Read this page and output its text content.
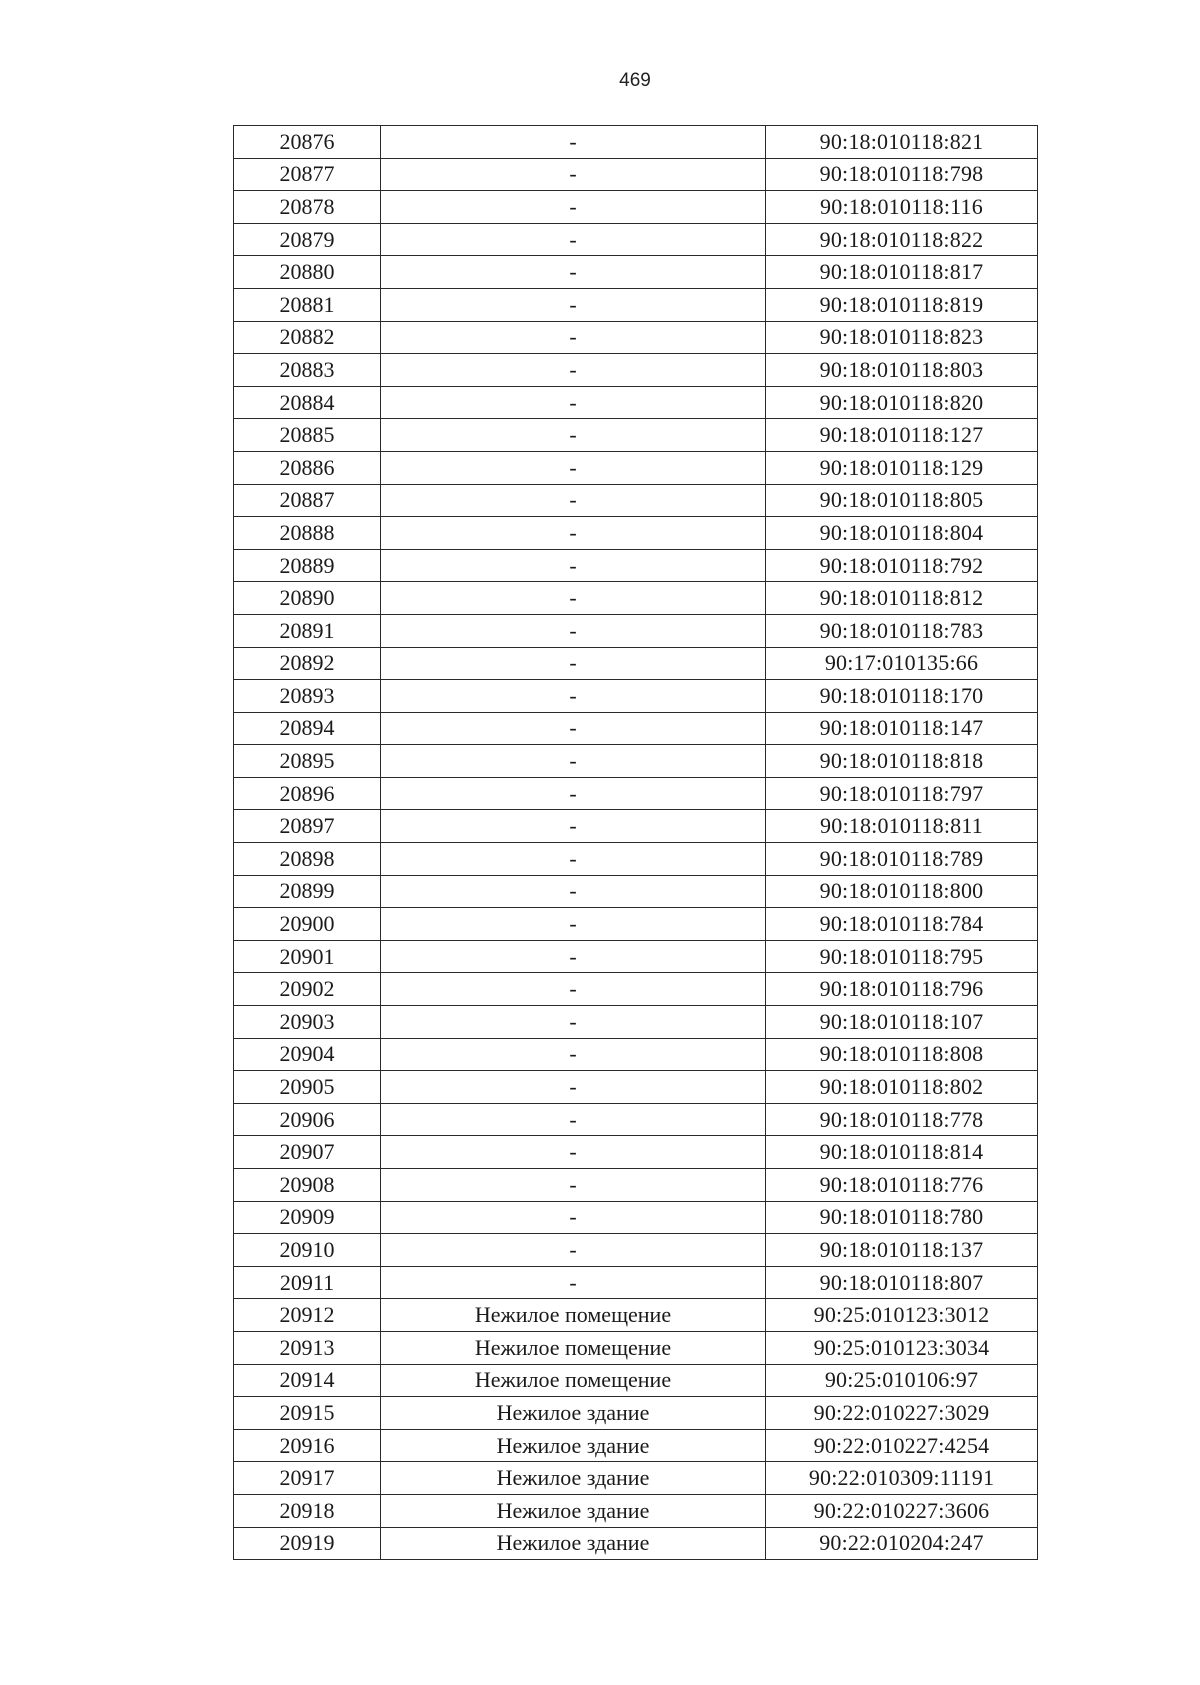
469
20876	-	90:18:010118:821
20877	-	90:18:010118:798
20878	-	90:18:010118:116
20879	-	90:18:010118:822
20880	-	90:18:010118:817
20881	-	90:18:010118:819
20882	-	90:18:010118:823
20883	-	90:18:010118:803
20884	-	90:18:010118:820
20885	-	90:18:010118:127
20886	-	90:18:010118:129
20887	-	90:18:010118:805
20888	-	90:18:010118:804
20889	-	90:18:010118:792
20890	-	90:18:010118:812
20891	-	90:18:010118:783
20892	-	90:17:010135:66
20893	-	90:18:010118:170
20894	-	90:18:010118:147
20895	-	90:18:010118:818
20896	-	90:18:010118:797
20897	-	90:18:010118:811
20898	-	90:18:010118:789
20899	-	90:18:010118:800
20900	-	90:18:010118:784
20901	-	90:18:010118:795
20902	-	90:18:010118:796
20903	-	90:18:010118:107
20904	-	90:18:010118:808
20905	-	90:18:010118:802
20906	-	90:18:010118:778
20907	-	90:18:010118:814
20908	-	90:18:010118:776
20909	-	90:18:010118:780
20910	-	90:18:010118:137
20911	-	90:18:010118:807
20912	Нежилое помещение	90:25:010123:3012
20913	Нежилое помещение	90:25:010123:3034
20914	Нежилое помещение	90:25:010106:97
20915	Нежилое здание	90:22:010227:3029
20916	Нежилое здание	90:22:010227:4254
20917	Нежилое здание	90:22:010309:11191
20918	Нежилое здание	90:22:010227:3606
20919	Нежилое здание	90:22:010204:247
